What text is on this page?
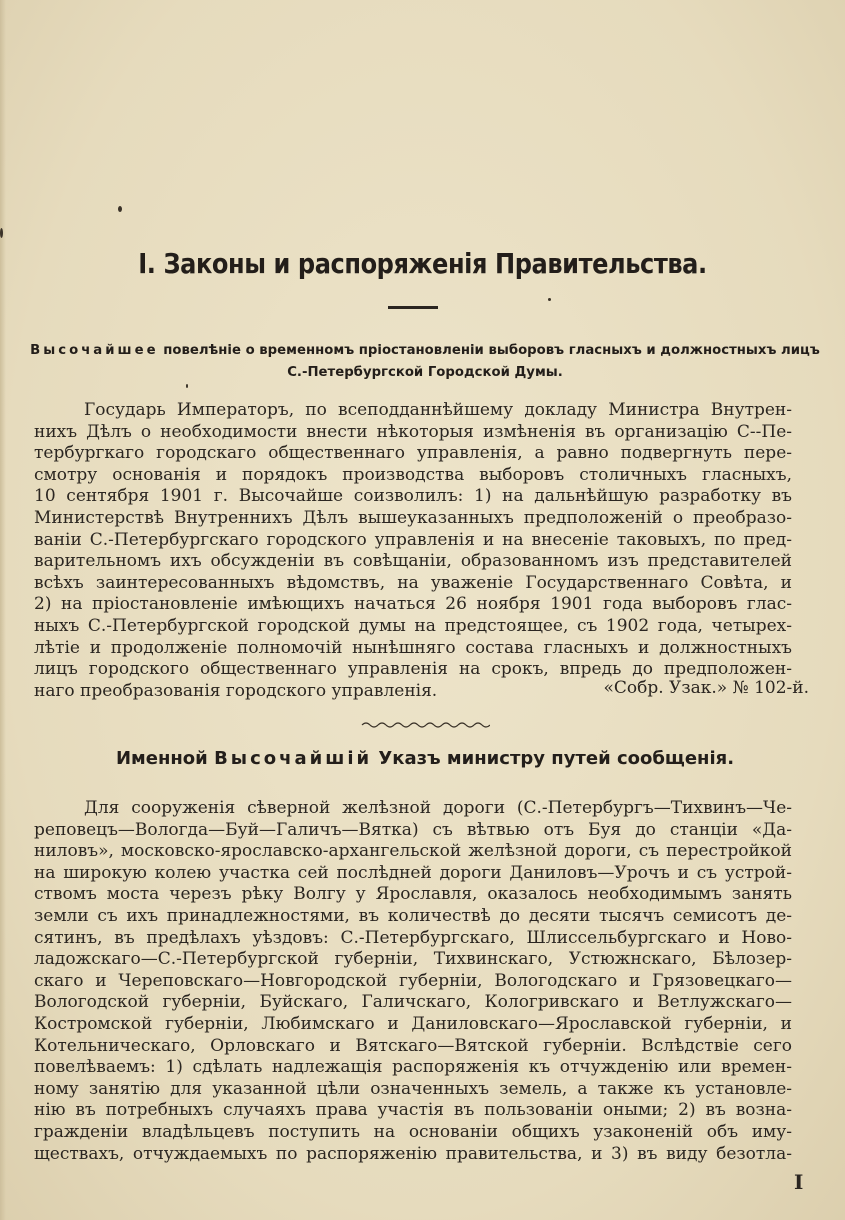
I. Законы и распоряженія Правительства.
Высочайшее повелѣніе о временномъ пріостановленіи выборовъ гласныхъ и должностныхъ лицъ
С.-Петербургской Городской Думы.
Государь Императоръ, по всеподданнѣйшему докладу Министра Внутрен-
нихъ Дѣлъ о необходимости внести нѣкоторыя измѣненія въ организацію С--Пе-
тербургкаго городскаго общественнаго управленія, а равно подвергнуть пере-
смотру основанія и порядокъ производства выборовъ столичныхъ гласныхъ,
10 сентября 1901 г. Высочайше соизволилъ: 1) на дальнѣйшую разработку въ
Министерствѣ Внутреннихъ Дѣлъ вышеуказанныхъ предположеній о преобразо-
ваніи С.-Петербургскаго городского управленія и на внесеніе таковыхъ, по пред-
варительномъ ихъ обсужденіи въ совѣщаніи, образованномъ изъ представителей
всѣхъ заинтересованныхъ вѣдомствъ, на уваженіе Государственнаго Совѣта, и
2) на пріостановленіе имѣющихъ начаться 26 ноября 1901 года выборовъ глас-
ныхъ С.-Петербургской городской думы на предстоящее, съ 1902 года, четырех-
лѣтіе и продолженіе полномочій нынѣшняго состава гласныхъ и должностныхъ
лицъ городского общественнаго управленія на срокъ, впредь до предположен-
наго преобразованія городского управленія.	«Собр. Узак.» № 102-й.
Именной Высочайшій Указъ министру путей сообщенія.
Для сооруженія сѣверной желѣзной дороги (С.-Петербургъ—Тихвинъ—Че-
реповецъ—Вологда—Буй—Галичъ—Вятка) съ вѣтвью отъ Буя до станціи «Да-
ниловъ», московско-ярославско-архангельской желѣзной дороги, съ перестройкой
на широкую колею участка сей послѣдней дороги Даниловъ—Урочъ и съ устрой-
ствомъ моста черезъ рѣку Волгу у Ярославля, оказалось необходимымъ занять
земли съ ихъ принадлежностями, въ количествѣ до десяти тысячъ семисотъ де-
сятинъ, въ предѣлахъ уѣздовъ: С.-Петербургскаго, Шлиссельбургскаго и Ново-
ладожскаго—С.-Петербургской губерніи, Тихвинскаго, Устюжнскаго, Бѣлозер-
скаго и Череповскаго—Новгородской губерніи, Вологодскаго и Грязовецкаго—
Вологодской губерніи, Буйскаго, Галичскаго, Кологривскаго и Ветлужскаго—
Костромской губерніи, Любимскаго и Даниловскаго—Ярославской губерніи, и
Котельническаго, Орловскаго и Вятскаго—Вятской губерніи. Вслѣдствіе сего
повелѣваемъ: 1) сдѣлать надлежащія распоряженія къ отчужденію или времен-
ному занятію для указанной цѣли означенныхъ земель, а также къ установле-
нію въ потребныхъ случаяхъ права участія въ пользованіи оными; 2) въ возна-
гражденіи владѣльцевъ поступить на основаніи общихъ узаконеній объ иму-
ществахъ, отчуждаемыхъ по распоряженію правительства, и 3) въ виду безотла-
I
